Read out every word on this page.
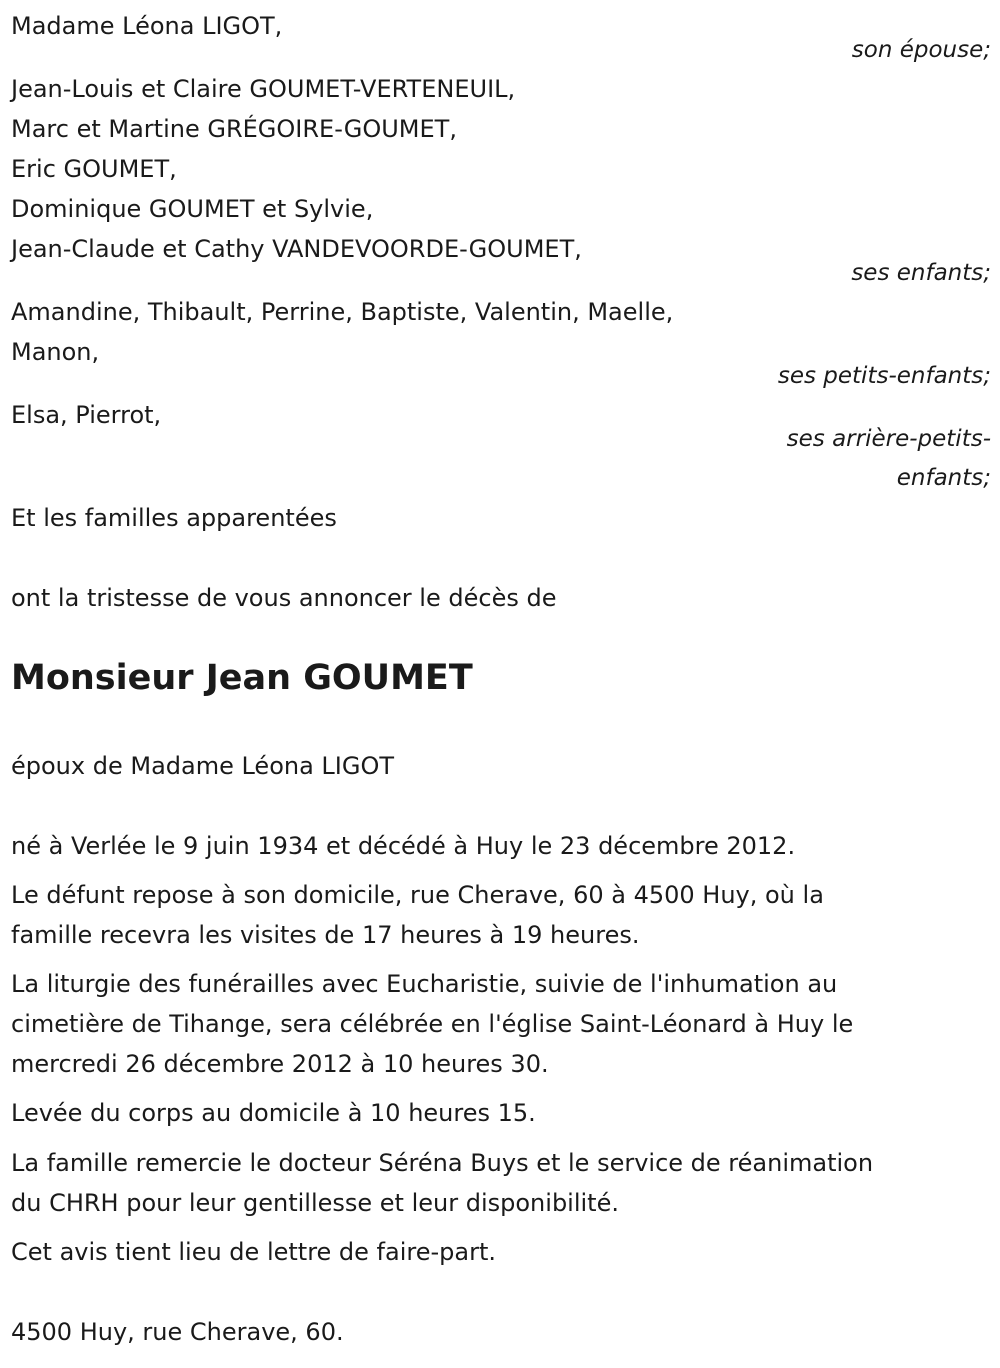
Madame Léona LIGOT,
son épouse;
Jean-Louis et Claire GOUMET-VERTENEUIL,
Marc et Martine GRÉGOIRE-GOUMET,
Eric GOUMET,
Dominique GOUMET et Sylvie,
Jean-Claude et Cathy VANDEVOORDE-GOUMET,
ses enfants;
Amandine, Thibault, Perrine, Baptiste, Valentin, Maelle,
Manon,
ses petits-enfants;
Elsa, Pierrot,
ses arrière-petits-
enfants;
Et les familles apparentées
ont la tristesse de vous annoncer le décès de
Monsieur Jean GOUMET
époux de Madame Léona LIGOT
né à Verlée le 9 juin 1934 et décédé à Huy le 23 décembre 2012.
Le défunt repose à son domicile, rue Cherave, 60 à 4500 Huy, où la
famille recevra les visites de 17 heures à 19 heures.
La liturgie des funérailles avec Eucharistie, suivie de l'inhumation au
cimetière de Tihange, sera célébrée en l'église Saint-Léonard à Huy le
mercredi 26 décembre 2012 à 10 heures 30.
Levée du corps au domicile à 10 heures 15.
La famille remercie le docteur Séréna Buys et le service de réanimation
du CHRH pour leur gentillesse et leur disponibilité.
Cet avis tient lieu de lettre de faire-part.
4500 Huy, rue Cherave, 60.
